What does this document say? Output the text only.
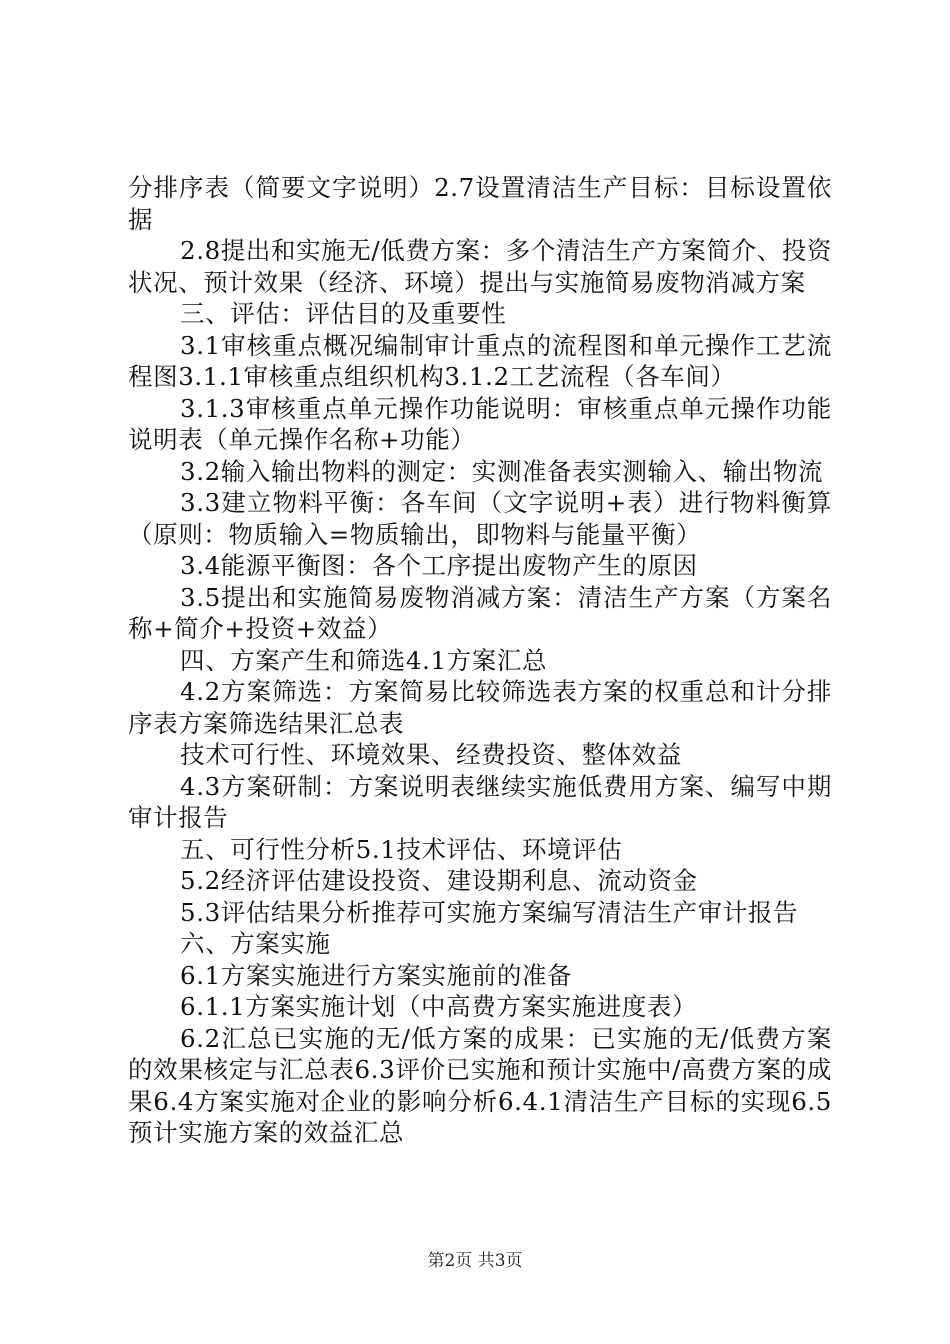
分排序表（简要文字说明）2.7设置清洁生产目标：目标设置依据

2.8提出和实施无/低费方案：多个清洁生产方案简介、投资状况、预计效果（经济、环境）提出与实施简易废物消减方案

三、评估：评估目的及重要性

3.1审核重点概况编制审计重点的流程图和单元操作工艺流程图3.1.1审核重点组织机构3.1.2工艺流程（各车间）

3.1.3审核重点单元操作功能说明：审核重点单元操作功能说明表（单元操作名称+功能）

3.2输入输出物料的测定：实测准备表实测输入、输出物流

3.3建立物料平衡：各车间（文字说明+表）进行物料衡算（原则：物质输入=物质输出，即物料与能量平衡）

3.4能源平衡图：各个工序提出废物产生的原因

3.5提出和实施简易废物消减方案：清洁生产方案（方案名称+简介+投资+效益）

四、方案产生和筛选4.1方案汇总

4.2方案筛选：方案简易比较筛选表方案的权重总和计分排序表方案筛选结果汇总表

技术可行性、环境效果、经费投资、整体效益

4.3方案研制：方案说明表继续实施低费用方案、编写中期审计报告

五、可行性分析5.1技术评估、环境评估

5.2经济评估建设投资、建设期利息、流动资金

5.3评估结果分析推荐可实施方案编写清洁生产审计报告

六、方案实施

6.1方案实施进行方案实施前的准备

6.1.1方案实施计划（中高费方案实施进度表）

6.2汇总已实施的无/低方案的成果：已实施的无/低费方案的效果核定与汇总表6.3评价已实施和预计实施中/高费方案的成果6.4方案实施对企业的影响分析6.4.1清洁生产目标的实现6.5预计实施方案的效益汇总

第2页 共3页
